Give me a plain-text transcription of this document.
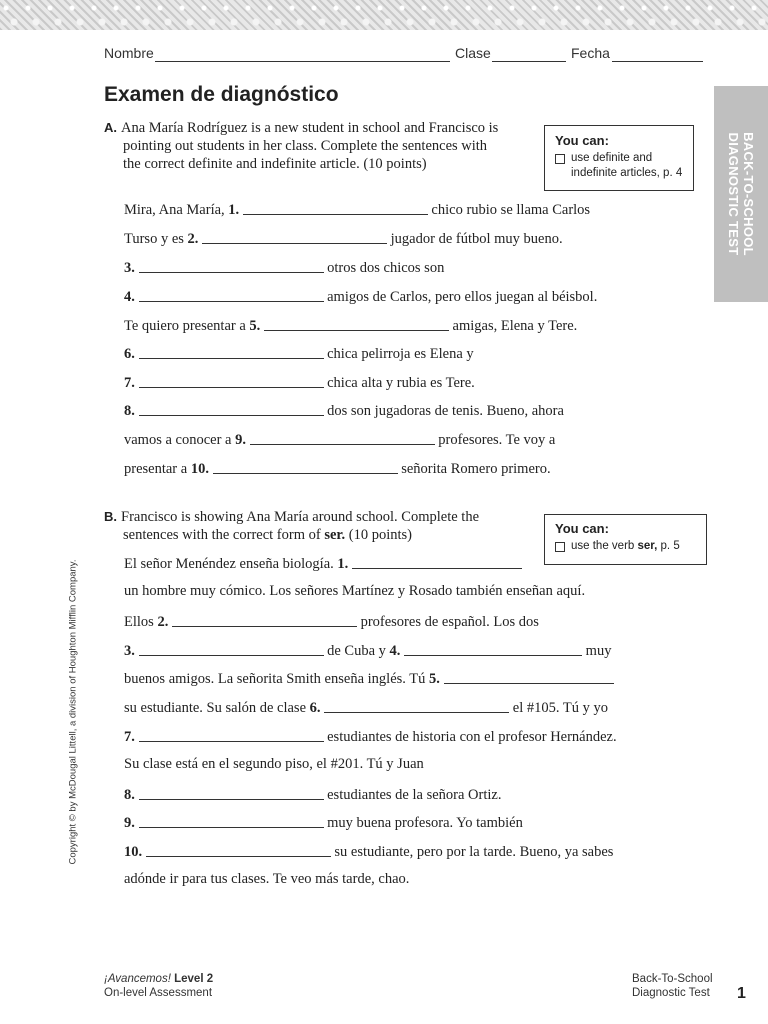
Nombre	Clase	Fecha
Examen de diagnóstico
BACK-TO-SCHOOL
DIAGNOSTIC TEST
A. Ana María Rodríguez is a new student in school and Francisco is
pointing out students in her class. Complete the sentences with
the correct definite and indefinite article. (10 points)
You can:
use definite and
indefinite articles, p. 4
Mira, Ana María, 1.	chico rubio se llama Carlos
Turso y es 2.	jugador de fútbol muy bueno.
3.	otros dos chicos son
4.	amigos de Carlos, pero ellos juegan al béisbol.
Te quiero presentar a 5.	amigas, Elena y Tere.
6.	chica pelirroja es Elena y
7.	chica alta y rubia es Tere.
8.	dos son jugadoras de tenis. Bueno, ahora
vamos a conocer a 9.	profesores. Te voy a
presentar a 10.	señorita Romero primero.
B. Francisco is showing Ana María around school. Complete the
sentences with the correct form of ser. (10 points)	You can:
use the verb ser, p. 5
El señor Menéndez enseña biología. 1.
un hombre muy cómico. Los señores Martínez y Rosado también enseñan aquí.
Ellos 2.	profesores de español. Los dos
3.	de Cuba y 4.	muy
buenos amigos. La señorita Smith enseña inglés. Tú 5.
su estudiante. Su salón de clase 6.	el #105. Tú y yo
7.	estudiantes de historia con el profesor Hernández.
Su clase está en el segundo piso, el #201. Tú y Juan
8.	estudiantes de la señora Ortiz.
9.	muy buena profesora. Yo también
10.	su estudiante, pero por la tarde. Bueno, ya sabes
adónde ir para tus clases. Te veo más tarde, chao.
Copyright © by McDougal Littell, a division of Houghton Mifflin Company.
¡Avancemos! Level 2
On-level Assessment
Back-To-School
Diagnostic Test 1
